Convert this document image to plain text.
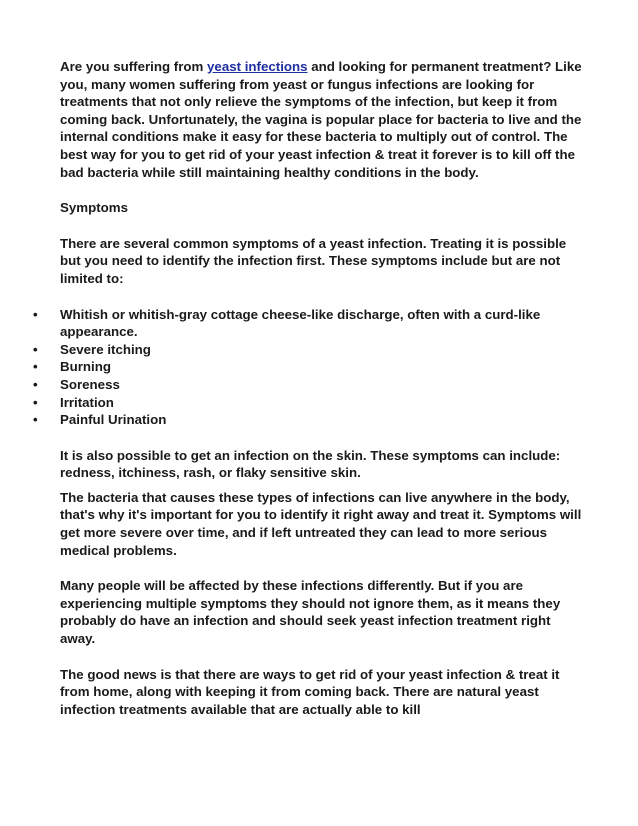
Are you suffering from yeast infections and looking for permanent treatment? Like you, many women suffering from yeast or fungus infections are looking for treatments that not only relieve the symptoms of the infection, but keep it from coming back. Unfortunately, the vagina is popular place for bacteria to live and the internal conditions make it easy for these bacteria to multiply out of control. The best way for you to get rid of your yeast infection & treat it forever is to kill off the bad bacteria while still maintaining healthy conditions in the body.

Symptoms

There are several common symptoms of a yeast infection. Treating it is possible but you need to identify the infection first. These symptoms include but are not limited to:

• Whitish or whitish-gray cottage cheese-like discharge, often with a curd-like appearance.
• Severe itching
• Burning
• Soreness
• Irritation
• Painful Urination

It is also possible to get an infection on the skin. These symptoms can include: redness, itchiness, rash, or flaky sensitive skin.

The bacteria that causes these types of infections can live anywhere in the body, that's why it's important for you to identify it right away and treat it. Symptoms will get more severe over time, and if left untreated they can lead to more serious medical problems.

Many people will be affected by these infections differently. But if you are experiencing multiple symptoms they should not ignore them, as it means they probably do have an infection and should seek yeast infection treatment right away.

The good news is that there are ways to get rid of your yeast infection & treat it from home, along with keeping it from coming back. There are natural yeast infection treatments available that are actually able to kill
